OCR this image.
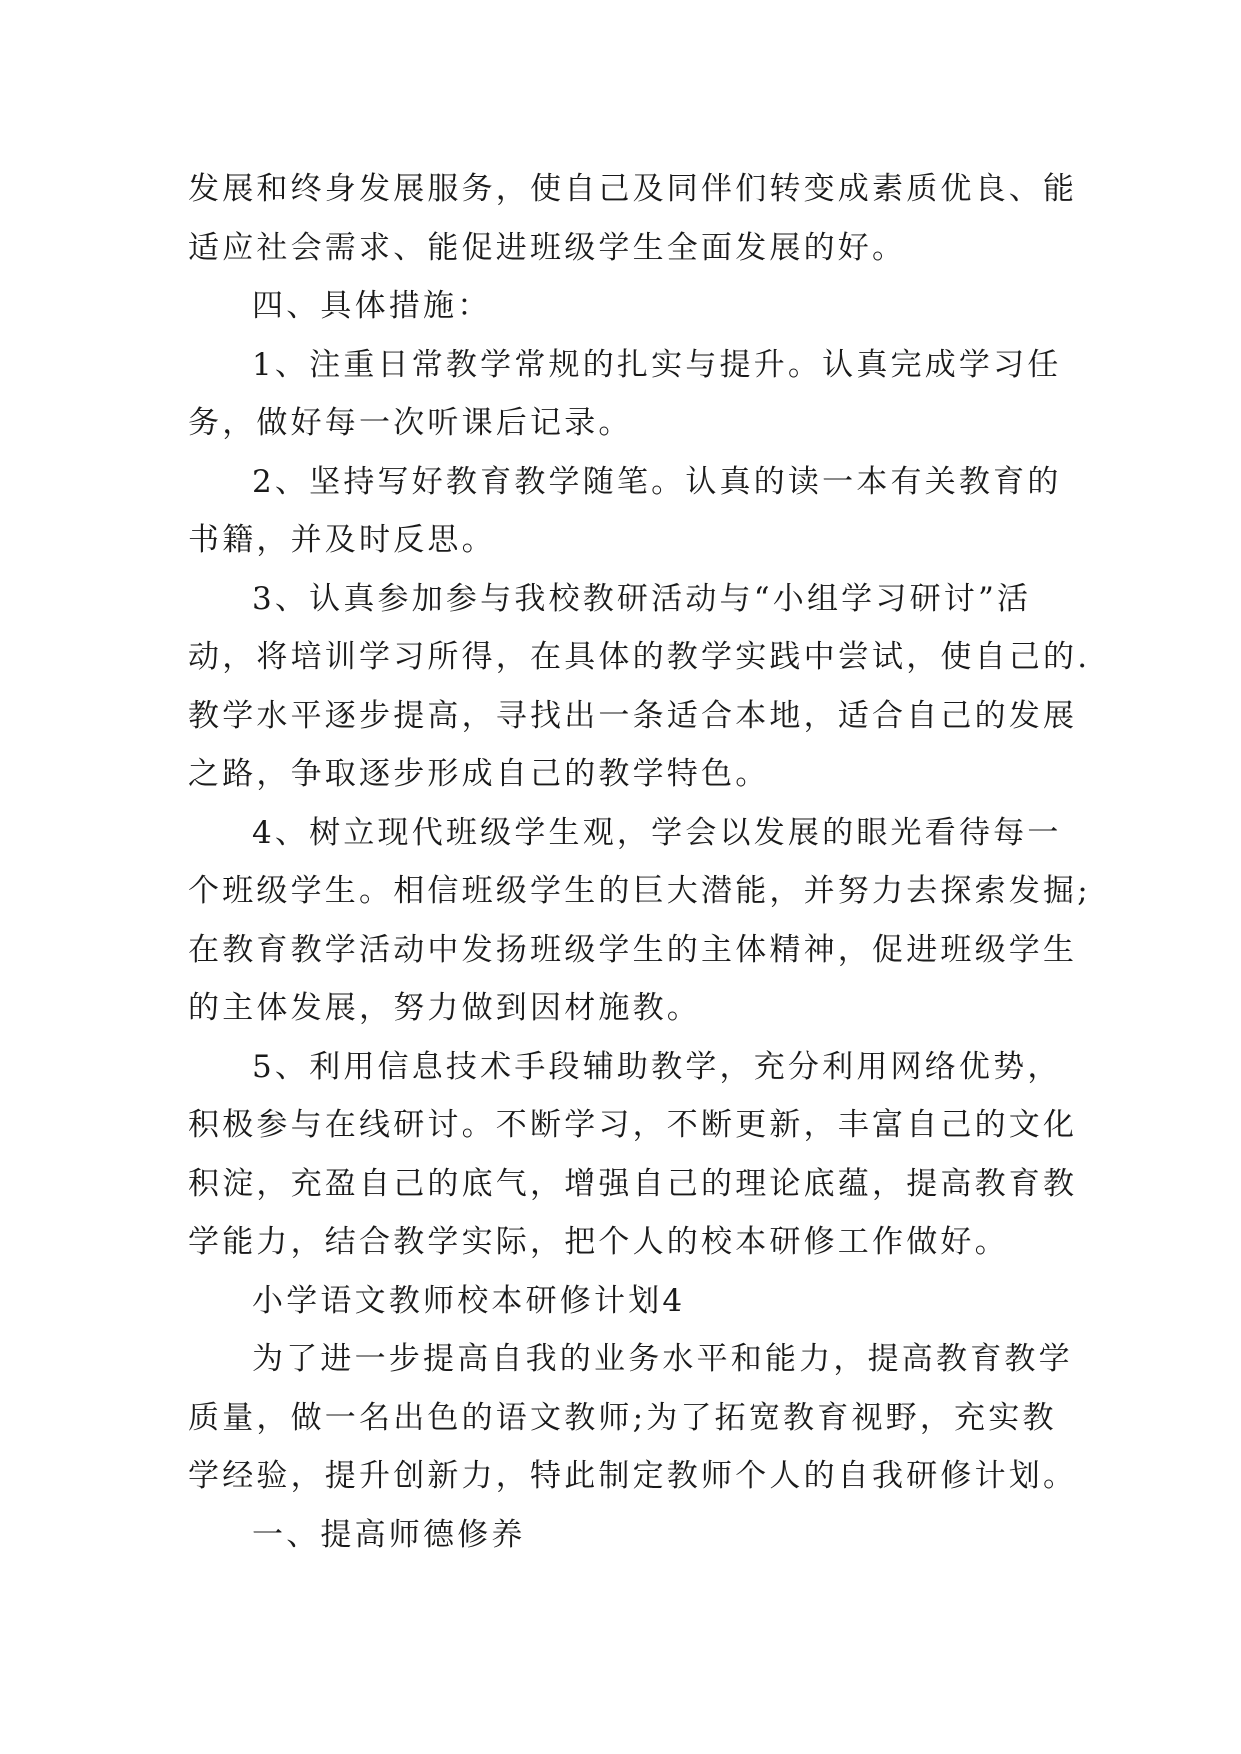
发展和终身发展服务，使自己及同伴们转变成素质优良、能

适应社会需求、能促进班级学生全面发展的好。

四、具体措施：

1、注重日常教学常规的扎实与提升。认真完成学习任

务，做好每一次听课后记录。

2、坚持写好教育教学随笔。认真的读一本有关教育的

书籍，并及时反思。

3、认真参加参与我校教研活动与“小组学习研讨”活

动，将培训学习所得，在具体的教学实践中尝试，使自己的.

教学水平逐步提高，寻找出一条适合本地，适合自己的发展

之路，争取逐步形成自己的教学特色。

4、树立现代班级学生观，学会以发展的眼光看待每一

个班级学生。相信班级学生的巨大潜能，并努力去探索发掘;

在教育教学活动中发扬班级学生的主体精神，促进班级学生

的主体发展，努力做到因材施教。

5、利用信息技术手段辅助教学，充分利用网络优势，

积极参与在线研讨。不断学习，不断更新，丰富自己的文化

积淀，充盈自己的底气，增强自己的理论底蕴，提高教育教

学能力，结合教学实际，把个人的校本研修工作做好。

小学语文教师校本研修计划4

为了进一步提高自我的业务水平和能力，提高教育教学

质量，做一名出色的语文教师;为了拓宽教育视野，充实教

学经验，提升创新力，特此制定教师个人的自我研修计划。

一、提高师德修养
